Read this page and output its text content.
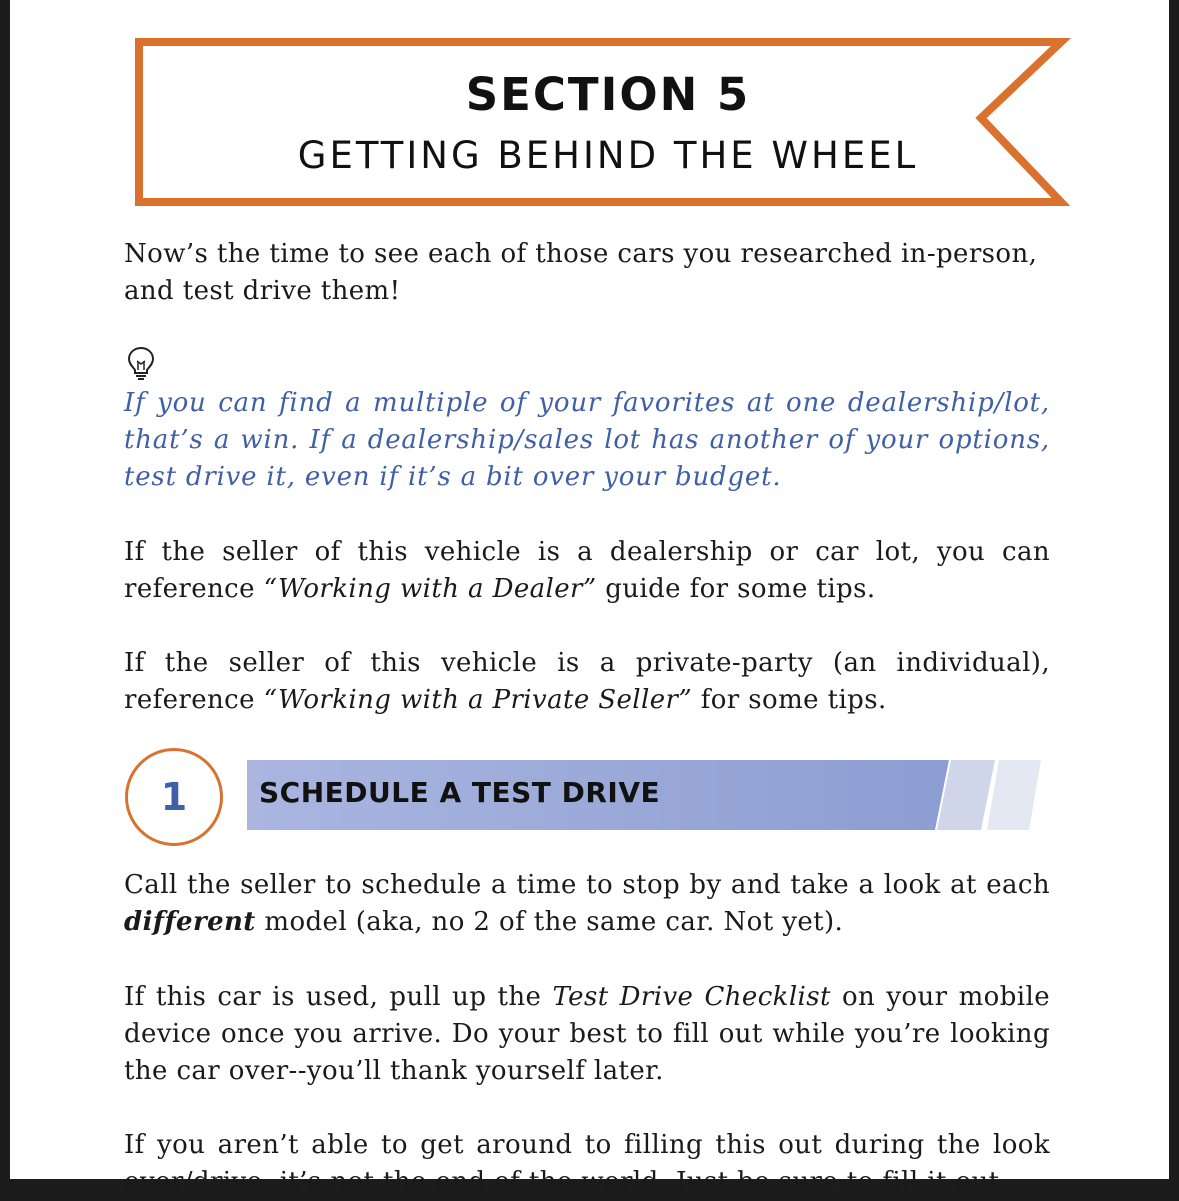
SECTION 5

GETTING BEHIND THE WHEEL

Now’s the time to see each of those cars you researched in-person, and test drive them!

If you can find a multiple of your favorites at one dealership/lot, that’s a win. If a dealership/sales lot has another of your options, test drive it, even if it’s a bit over your budget.

If the seller of this vehicle is a dealership or car lot, you can reference “Working with a Dealer” guide for some tips.

If the seller of this vehicle is a private-party (an individual), reference “Working with a Private Seller” for some tips.

1	SCHEDULE A TEST DRIVE

Call the seller to schedule a time to stop by and take a look at each different model (aka, no 2 of the same car. Not yet).

If this car is used, pull up the Test Drive Checklist on your mobile device once you arrive. Do your best to fill out while you’re looking the car over--you’ll thank yourself later.

If you aren’t able to get around to filling this out during the look over/drive, it’s not the end of the world. Just be sure to fill it out
